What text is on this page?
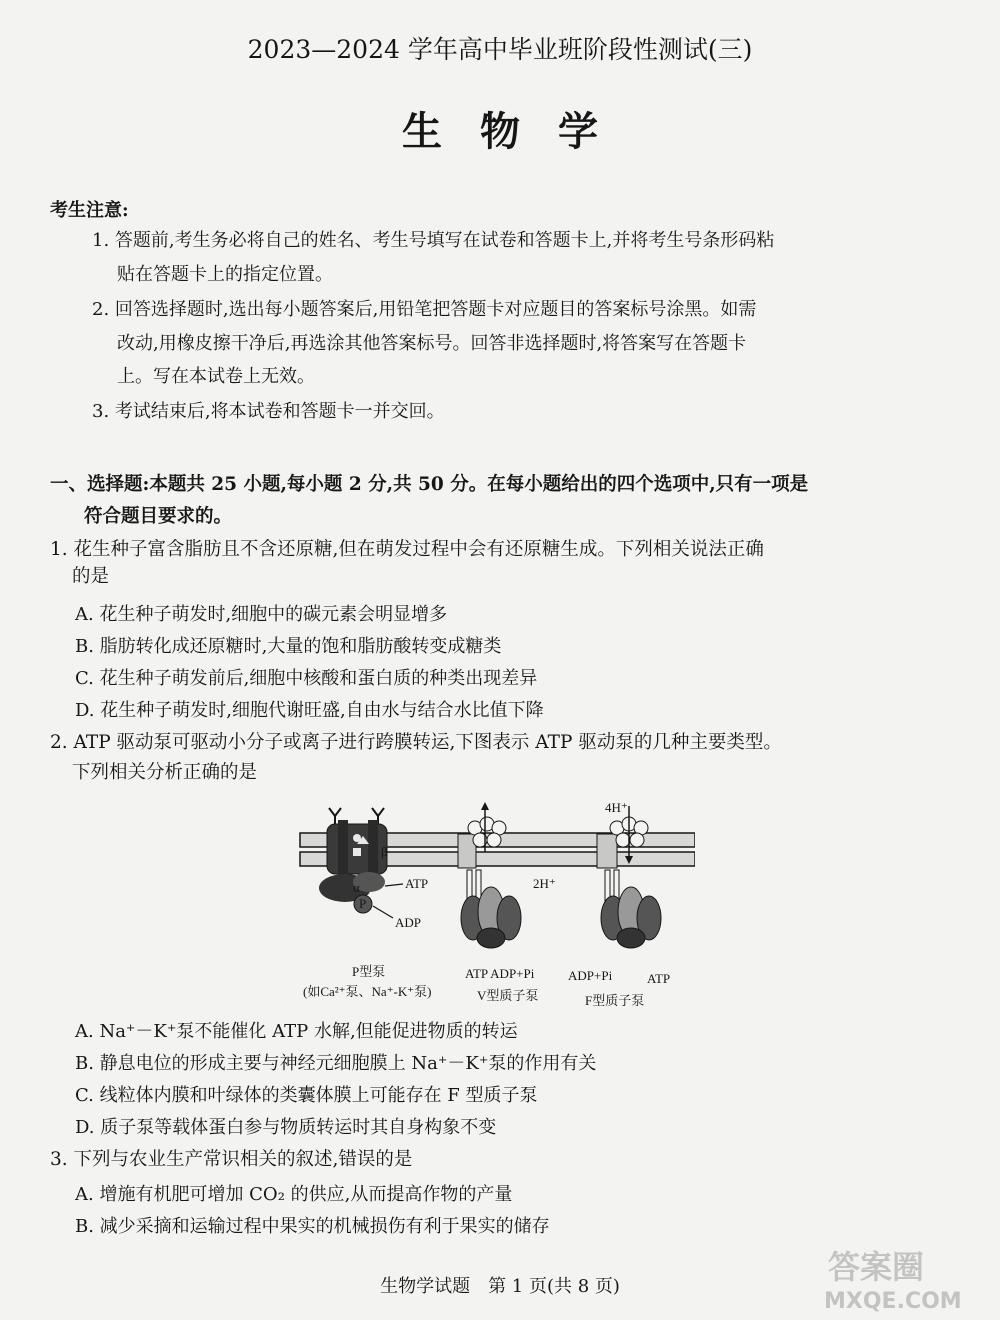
2023—2024 学年高中毕业班阶段性测试(三)
生物学
考生注意:
1. 答题前,考生务必将自己的姓名、考生号填写在试卷和答题卡上,并将考生号条形码粘
贴在答题卡上的指定位置。
2. 回答选择题时,选出每小题答案后,用铅笔把答题卡对应题目的答案标号涂黑。如需
改动,用橡皮擦干净后,再选涂其他答案标号。回答非选择题时,将答案写在答题卡
上。写在本试卷上无效。
3. 考试结束后,将本试卷和答题卡一并交回。
一、选择题:本题共 25 小题,每小题 2 分,共 50 分。在每小题给出的四个选项中,只有一项是
符合题目要求的。
1. 花生种子富含脂肪且不含还原糖,但在萌发过程中会有还原糖生成。下列相关说法正确
的是
A. 花生种子萌发时,细胞中的碳元素会明显增多
B. 脂肪转化成还原糖时,大量的饱和脂肪酸转变成糖类
C. 花生种子萌发前后,细胞中核酸和蛋白质的种类出现差异
D. 花生种子萌发时,细胞代谢旺盛,自由水与结合水比值下降
2. ATP 驱动泵可驱动小分子或离子进行跨膜转运,下图表示 ATP 驱动泵的几种主要类型。
下列相关分析正确的是
β
α
P
ATP
ADP
2H⁺
4H⁺
ATP ADP+Pi	ADP+Pi	ATP
P型泵
(如Ca²⁺泵、Na⁺-K⁺泵)	V型质子泵	F型质子泵
A. Na⁺－K⁺泵不能催化 ATP 水解,但能促进物质的转运
B. 静息电位的形成主要与神经元细胞膜上 Na⁺－K⁺泵的作用有关
C. 线粒体内膜和叶绿体的类囊体膜上可能存在 F 型质子泵
D. 质子泵等载体蛋白参与物质转运时其自身构象不变
3. 下列与农业生产常识相关的叙述,错误的是
A. 增施有机肥可增加 CO₂ 的供应,从而提高作物的产量
B. 减少采摘和运输过程中果实的机械损伤有利于果实的储存
生物学试题　第 1 页(共 8 页)
答案圈
MXQE.COM
